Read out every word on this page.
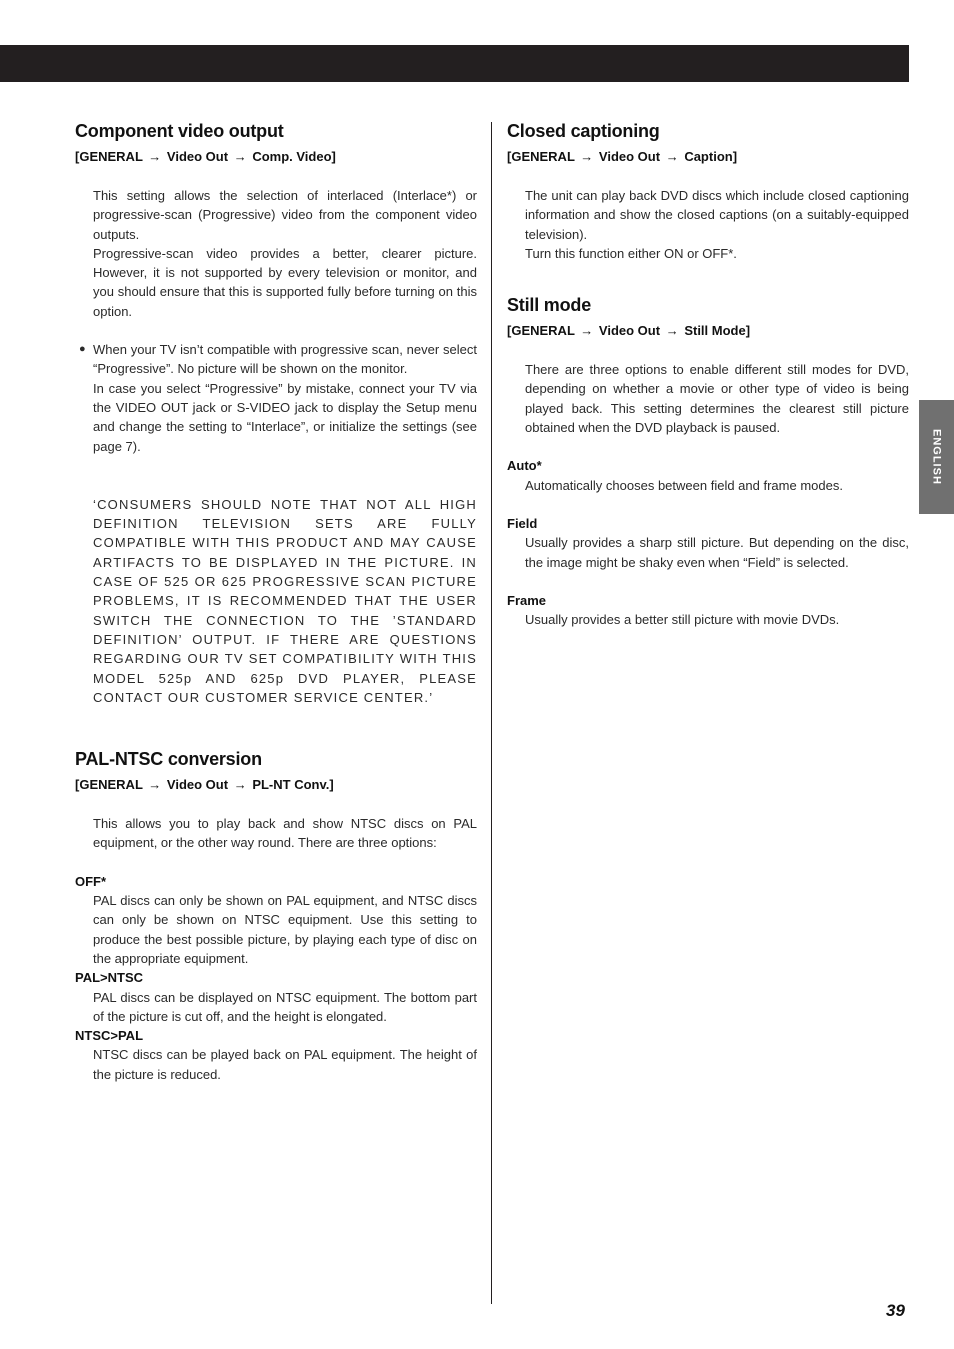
ENGLISH
Component video output
[GENERAL → Video Out → Comp. Video]

This setting allows the selection of interlaced (Interlace*) or progressive-scan (Progressive) video from the component video outputs.

Progressive-scan video provides a better, clearer picture. However, it is not supported by every television or monitor, and you should ensure that this is supported fully before turning on this option.

● When your TV isn’t compatible with progressive scan, never select “Progressive”. No picture will be shown on the monitor.

In case you select “Progressive” by mistake, connect your TV via the VIDEO OUT jack or S-VIDEO jack to display the Setup menu and change the setting to “Interlace”, or initialize the settings (see page 7).

‘CONSUMERS SHOULD NOTE THAT NOT ALL HIGH DEFINITION TELEVISION SETS ARE FULLY COMPATIBLE WITH THIS PRODUCT AND MAY CAUSE ARTIFACTS TO BE DISPLAYED IN THE PICTURE. IN CASE OF 525 OR 625 PROGRESSIVE SCAN PICTURE PROBLEMS, IT IS RECOMMENDED THAT THE USER SWITCH THE CONNECTION TO THE ’STANDARD DEFINITION’ OUTPUT. IF THERE ARE QUESTIONS REGARDING OUR TV SET COMPATIBILITY WITH THIS MODEL 525p AND 625p DVD PLAYER, PLEASE CONTACT OUR CUSTOMER SERVICE CENTER.’

PAL-NTSC conversion
[GENERAL → Video Out → PL-NT Conv.]

This allows you to play back and show NTSC discs on PAL equipment, or the other way round. There are three options:

OFF*

PAL discs can only be shown on PAL equipment, and NTSC discs can only be shown on NTSC equipment. Use this setting to produce the best possible picture, by playing each type of disc on the appropriate equipment.

PAL>NTSC

PAL discs can be displayed on NTSC equipment. The bottom part of the picture is cut off, and the height is elongated.

NTSC>PAL

NTSC discs can be played back on PAL equipment. The height of the picture is reduced.

Closed captioning
[GENERAL → Video Out → Caption]

The unit can play back DVD discs which include closed captioning information and show the closed captions (on a suitably-equipped television).

Turn this function either ON or OFF*.

Still mode
[GENERAL → Video Out → Still Mode]

There are three options to enable different still modes for DVD, depending on whether a movie or other type of video is being played back. This setting determines the clearest still picture obtained when the DVD playback is paused.

Auto*

Automatically chooses between field and frame modes.

Field

Usually provides a sharp still picture. But depending on the disc, the image might be shaky even when “Field” is selected.

Frame

Usually provides a better still picture with movie DVDs.

39
